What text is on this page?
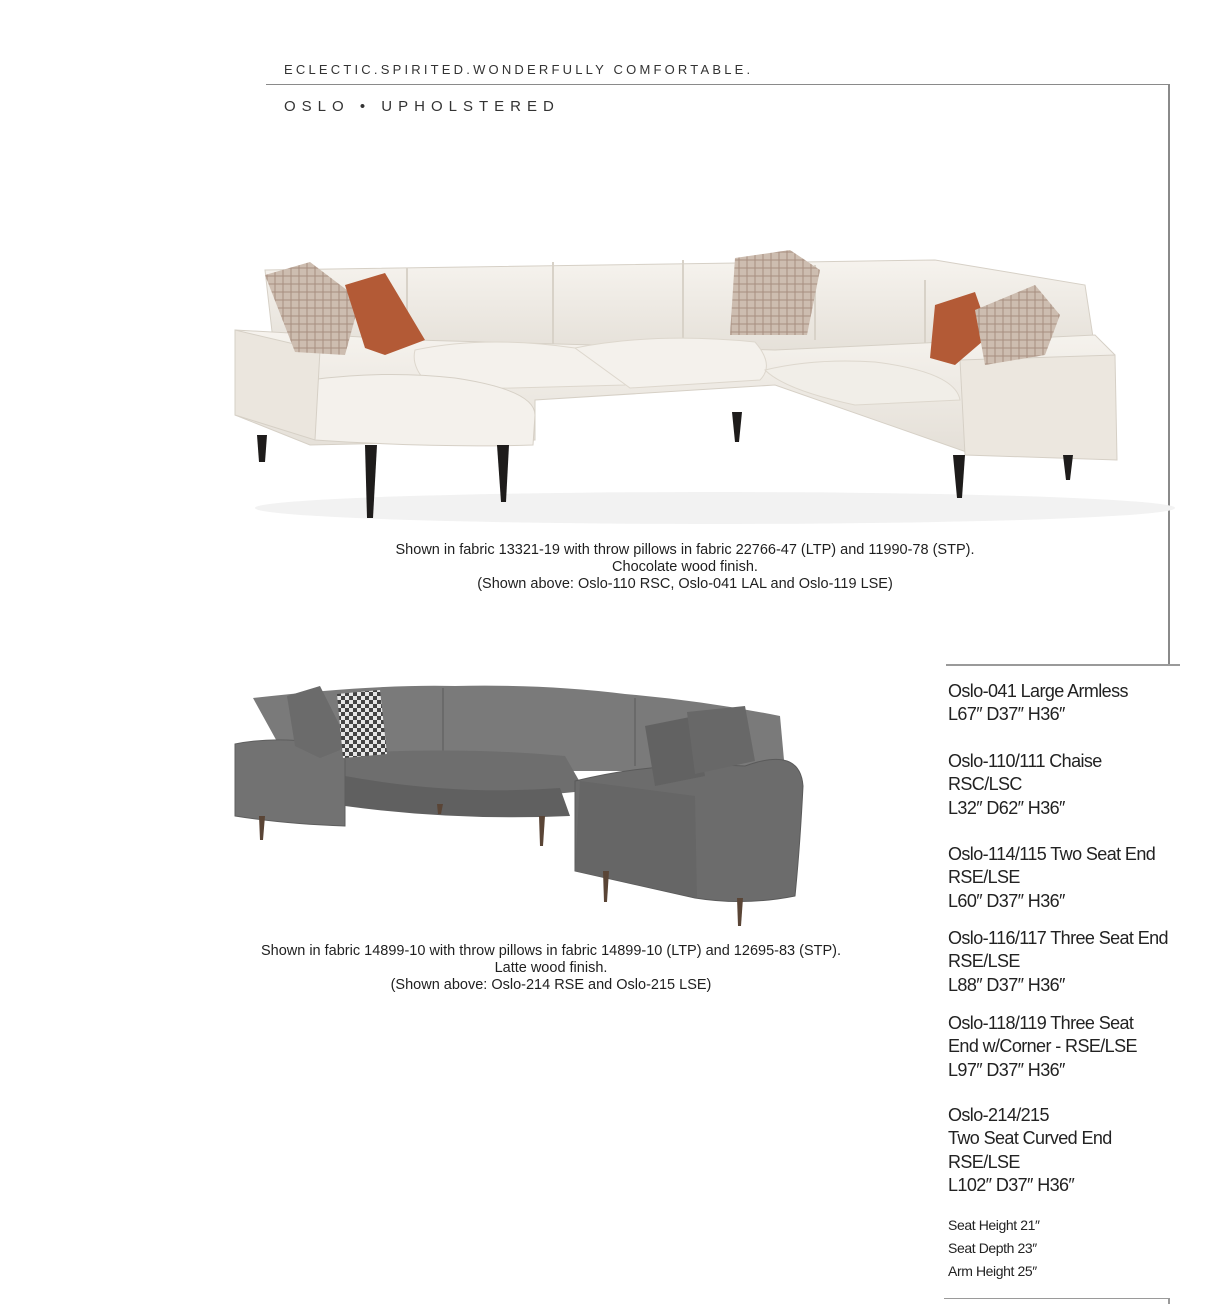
ECLECTIC.SPIRITED.WONDERFULLY COMFORTABLE.
OSLO • UPHOLSTERED
Shown in fabric 13321-19 with throw pillows in fabric 22766-47 (LTP) and 11990-78 (STP).
Chocolate wood finish.
(Shown above: Oslo-110 RSC, Oslo-041 LAL and Oslo-119 LSE)
Shown in fabric 14899-10 with throw pillows in fabric 14899-10 (LTP) and 12695-83 (STP).
Latte wood finish.
(Shown above: Oslo-214 RSE and Oslo-215 LSE)
Oslo-041 Large Armless
L67″ D37″ H36″
Oslo-110/111 Chaise
RSC/LSC
L32″ D62″ H36″
Oslo-114/115 Two Seat End
RSE/LSE
L60″ D37″ H36″
Oslo-116/117 Three Seat End
RSE/LSE
L88″ D37″ H36″
Oslo-118/119 Three Seat
End w/Corner - RSE/LSE
L97″ D37″ H36″
Oslo-214/215
Two Seat Curved End
RSE/LSE
L102″ D37″ H36″
Seat Height 21″
Seat Depth 23″
Arm Height 25″
